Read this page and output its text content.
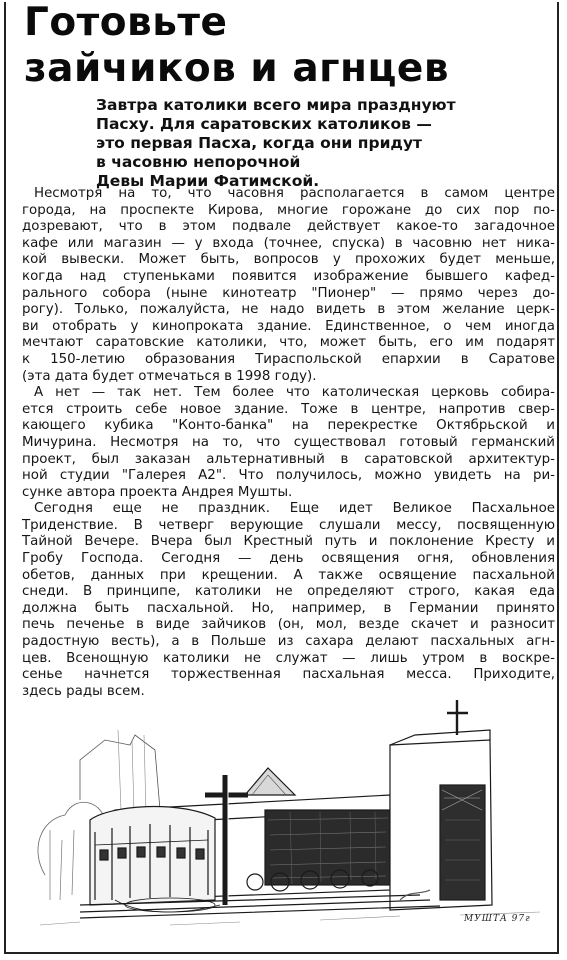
Готовьте
зайчиков и агнцев
Завтра католики всего мира празднуют
Пасху. Для саратовских католиков —
это первая Пасха, когда они придут
в часовню непорочной
Девы Марии Фатимской.
Несмотря на то, что часовня располагается в самом центре
города, на проспекте Кирова, многие горожане до сих пор по-
дозревают, что в этом подвале действует какое-то загадочное
кафе или магазин — у входа (точнее, спуска) в часовню нет ника-
кой вывески. Может быть, вопросов у прохожих будет меньше,
когда над ступеньками появится изображение бывшего кафед-
рального собора (ныне кинотеатр "Пионер" — прямо через до-
рогу). Только, пожалуйста, не надо видеть в этом желание церк-
ви отобрать у кинопроката здание. Единственное, о чем иногда
мечтают саратовские католики, что, может быть, его им подарят
к 150-летию образования Тираспольской епархии в Саратове
(эта дата будет отмечаться в 1998 году).
А нет — так нет. Тем более что католическая церковь собира-
ется строить себе новое здание. Тоже в центре, напротив свер-
кающего кубика "Конто-банка" на перекрестке Октябрьской и
Мичурина. Несмотря на то, что существовал готовый германский
проект, был заказан альтернативный в саратовской архитектур-
ной студии "Галерея А2". Что получилось, можно увидеть на ри-
сунке автора проекта Андрея Мушты.
Сегодня еще не праздник. Еще идет Великое Пасхальное
Триденствие. В четверг верующие слушали мессу, посвященную
Тайной Вечере. Вчера был Крестный путь и поклонение Кресту и
Гробу Господа. Сегодня — день освящения огня, обновления
обетов, данных при крещении. А также освящение пасхальной
снеди. В принципе, католики не определяют строго, какая еда
должна быть пасхальной. Но, например, в Германии принято
печь печенье в виде зайчиков (он, мол, везде скачет и разносит
радостную весть), а в Польше из сахара делают пасхальных агн-
цев. Всенощную католики не служат — лишь утром в воскре-
сенье начнется торжественная пасхальная месса. Приходите,
здесь рады всем.
МУШТА 97г
